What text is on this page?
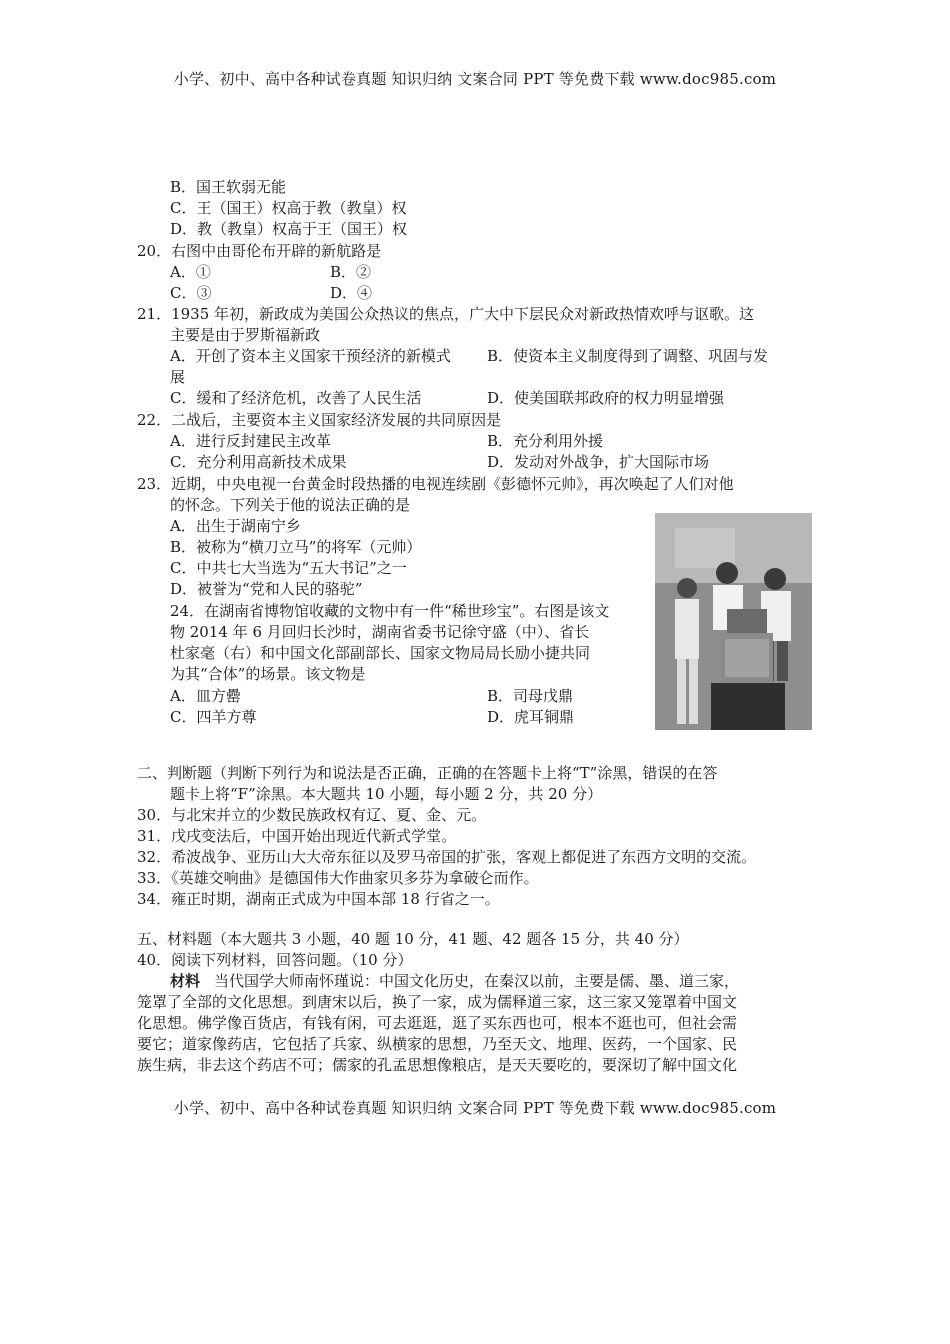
小学、初中、高中各种试卷真题 知识归纳 文案合同 PPT 等免费下载 www.doc985.com
B．国王软弱无能
C．王（国王）权高于教（教皇）权
D．教（教皇）权高于王（国王）权
20．右图中由哥伦布开辟的新航路是
A．①	B．②
C．③	D．④
21．1935 年初，新政成为美国公众热议的焦点，广大中下层民众对新政热情欢呼与讴歌。这
主要是由于罗斯福新政
A．开创了资本主义国家干预经济的新模式 B．使资本主义制度得到了调整、巩固与发
展
C．缓和了经济危机，改善了人民生活	D．使美国联邦政府的权力明显增强
22．二战后，主要资本主义国家经济发展的共同原因是
A．进行反封建民主改革	B．充分利用外援
C．充分利用高新技术成果	D．发动对外战争，扩大国际市场
23．近期，中央电视一台黄金时段热播的电视连续剧《彭德怀元帅》，再次唤起了人们对他
的怀念。下列关于他的说法正确的是
A．出生于湖南宁乡
B．被称为“横刀立马”的将军（元帅）
C．中共七大当选为“五大书记”之一
D．被誉为“党和人民的骆驼”
24．在湖南省博物馆收藏的文物中有一件“稀世珍宝”。右图是该文
物 2014 年 6 月回归长沙时，湖南省委书记徐守盛（中）、省长
杜家毫（右）和中国文化部副部长、国家文物局局长励小捷共同
为其“合体”的场景。该文物是
A．皿方罍	B．司母戊鼎
C．四羊方尊	D．虎耳铜鼎
二、判断题（判断下列行为和说法是否正确，正确的在答题卡上将“T”涂黑，错误的在答
题卡上将“F”涂黑。本大题共 10 小题，每小题 2 分，共 20 分）
30．与北宋并立的少数民族政权有辽、夏、金、元。
31．戊戌变法后，中国开始出现近代新式学堂。
32．希波战争、亚历山大大帝东征以及罗马帝国的扩张，客观上都促进了东西方文明的交流。
33．《英雄交响曲》是德国伟大作曲家贝多芬为拿破仑而作。
34．雍正时期，湖南正式成为中国本部 18 行省之一。
五、材料题（本大题共 3 小题，40 题 10 分，41 题、42 题各 15 分，共 40 分）
40．阅读下列材料，回答问题。（10 分）
材料 当代国学大师南怀瑾说：中国文化历史，在秦汉以前，主要是儒、墨、道三家，
笼罩了全部的文化思想。到唐宋以后，换了一家，成为儒释道三家，这三家又笼罩着中国文
化思想。佛学像百货店，有钱有闲，可去逛逛，逛了买东西也可，根本不逛也可，但社会需
要它；道家像药店，它包括了兵家、纵横家的思想，乃至天文、地理、医药，一个国家、民
族生病，非去这个药店不可；儒家的孔孟思想像粮店，是天天要吃的，要深切了解中国文化
小学、初中、高中各种试卷真题 知识归纳 文案合同 PPT 等免费下载 www.doc985.com
